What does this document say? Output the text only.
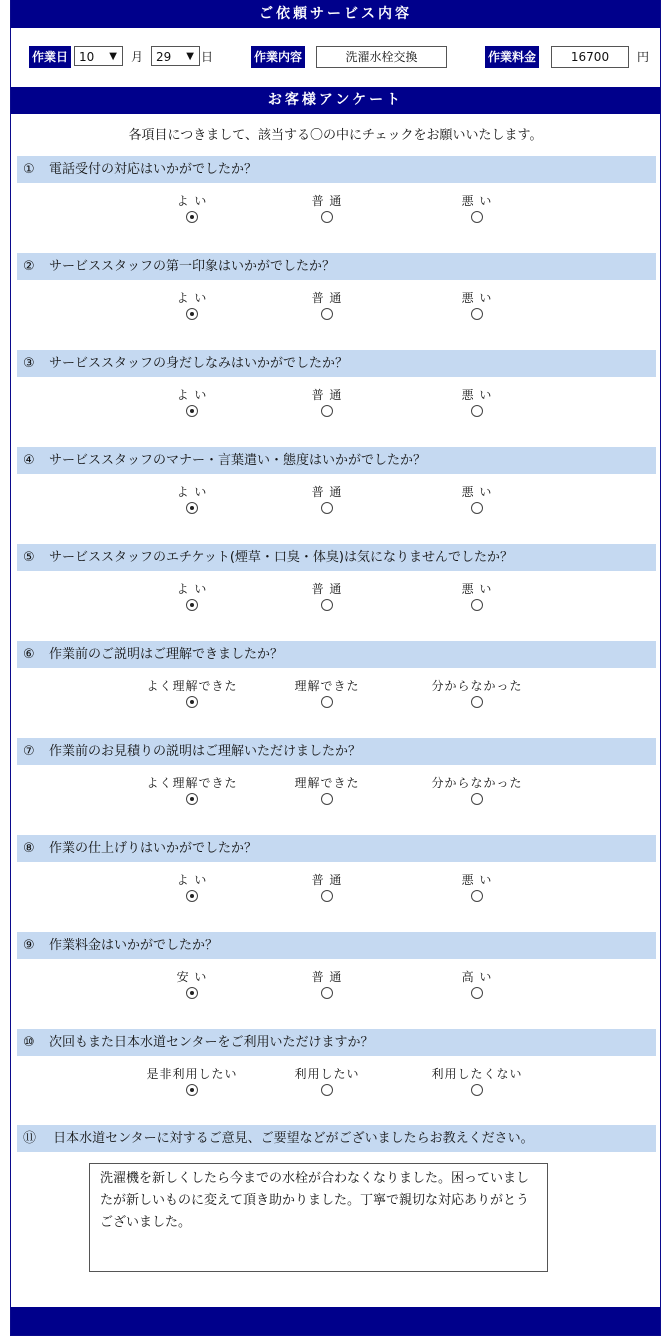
ご依頼サービス内容
作業日 10 ▼ 月	29 ▼ 日	作業内容	洗濯水栓交換	作業料金	16700	円
お客様アンケート
各項目につきまして、該当する〇の中にチェックをお願いいたします。
① 電話受付の対応はいかがでしたか？
よ い	普 通	悪 い
② サービススタッフの第一印象はいかがでしたか？
よ い	普 通	悪 い
③ サービススタッフの身だしなみはいかがでしたか？
よ い	普 通	悪 い
④ サービススタッフのマナー・言葉遣い・態度はいかがでしたか？
よ い	普 通	悪 い
⑤ サービススタッフのエチケット(煙草・口臭・体臭)は気になりませんでしたか？
よ い	普 通	悪 い
⑥ 作業前のご説明はご理解できましたか？
よく理解できた	理解できた	分からなかった
⑦ 作業前のお見積りの説明はご理解いただけましたか？
よく理解できた	理解できた	分からなかった
⑧ 作業の仕上げりはいかがでしたか？
よ い	普 通	悪 い
⑨ 作業料金はいかがでしたか？
安 い	普 通	高 い
⑩ 次回もまた日本水道センターをご利用いただけますか？
是非利用したい	利用したい	利用したくない
⑪ 日本水道センターに対するご意見、ご要望などがございましたらお教えください。
洗濯機を新しくしたら今までの水栓が合わなくなりました。困っていましたが新しいものに変えて頂き助かりました。丁寧で親切な対応ありがとうございました。
